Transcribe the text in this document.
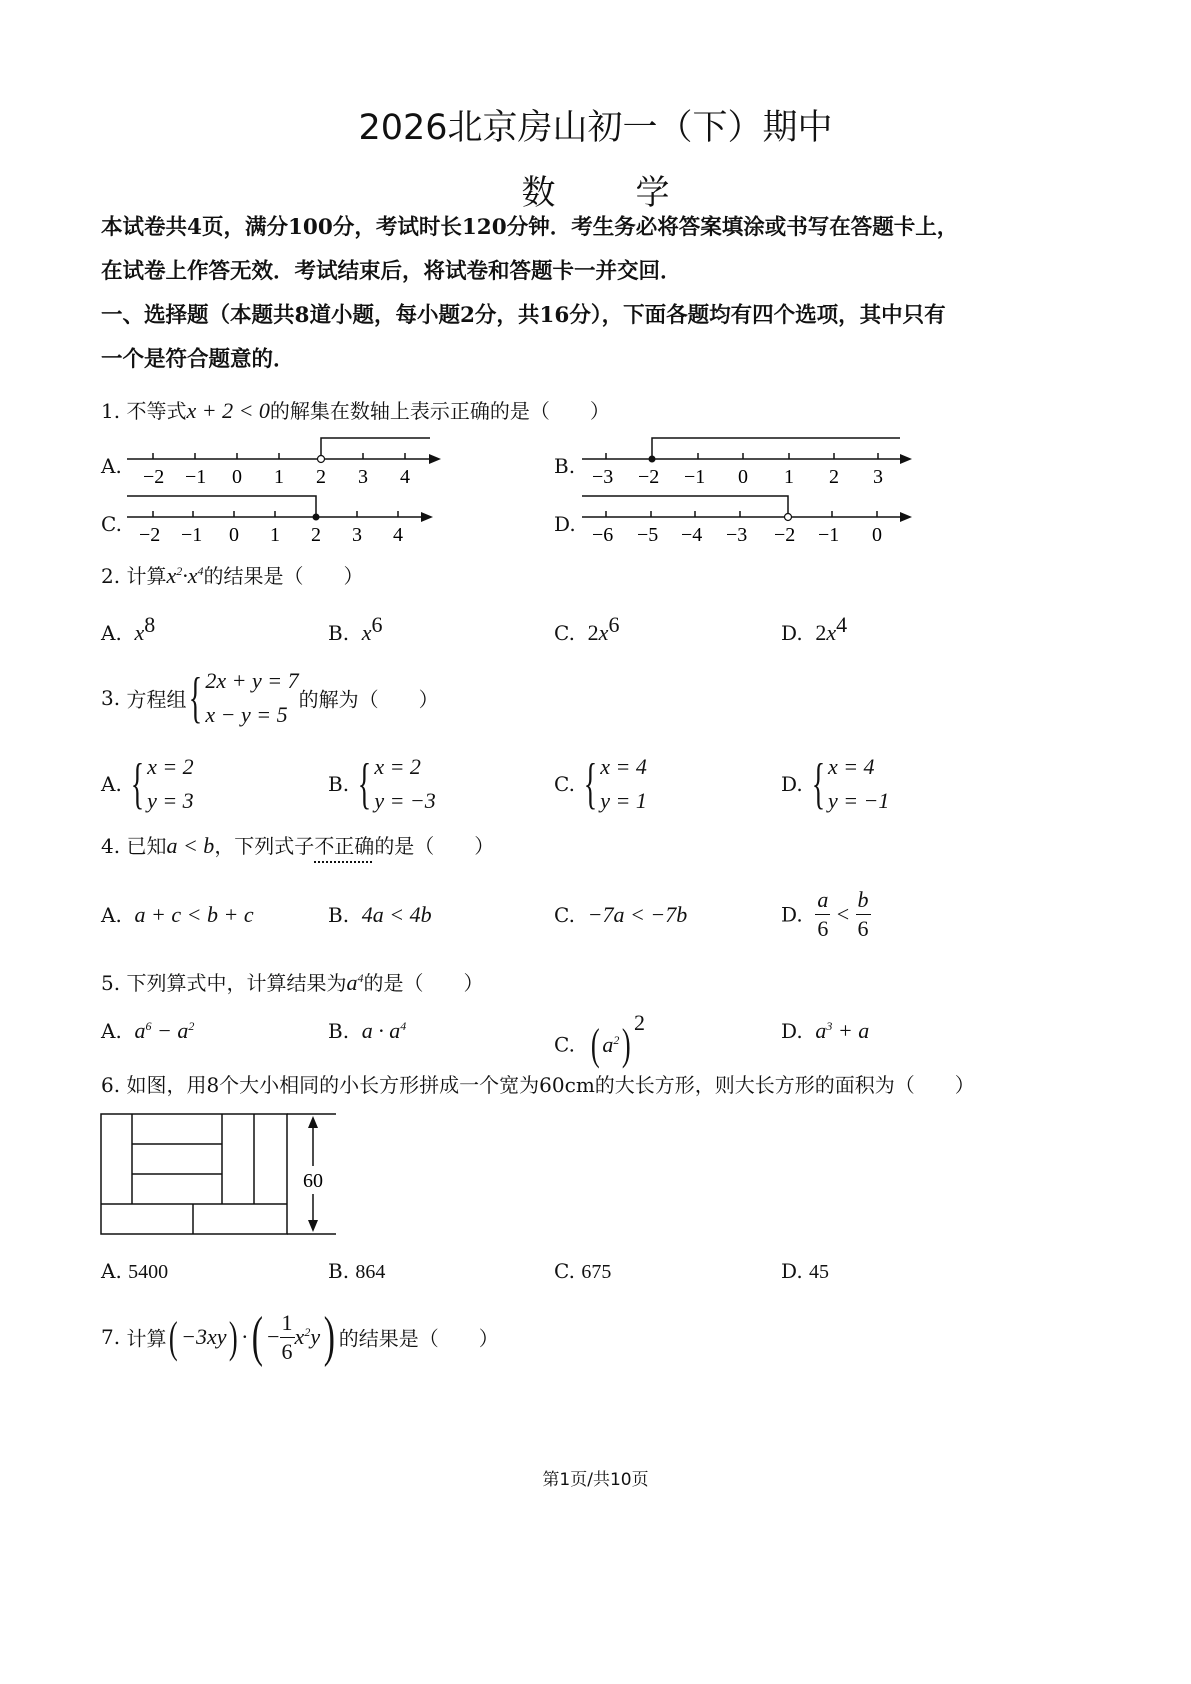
2026北京房山初一（下）期中
数 学
本试卷共4页，满分100分，考试时长120分钟．考生务必将答案填涂或书写在答题卡上，
在试卷上作答无效．考试结束后，将试卷和答题卡一并交回．
一、选择题（本题共8道小题，每小题2分，共16分），下面各题均有四个选项，其中只有
一个是符合题意的．
1. 不等式x + 2 < 0的解集在数轴上表示正确的是（　　）
A.	B.
C.	D.
−2 −1 0 1 2 3 4	−3 −2 −1 0 1 2 3
−2 −1 0 1 2 3 4	−6 −5 −4 −3 −2 −1 0
2. 计算$x^2\cdot x^4$的结果是（　　）
A. $x^8$	B. $x^6$	C. $2x^6$	D. $2x^4$
3. 方程组 { 2x + y = 7
x − y = 5
的解为（　　）
A. { x = 2
y = 3
B. { x = 2
y = −3
C. { x = 4
y = 1
D. { x = 4
y = −1
4. 已知a < b，下列式子不正确的是（　　）
A. a + c < b + c	B. 4a < 4b	C. −7a < −7b	D. $\frac{a}{6} < \frac{b}{6}$
5. 下列算式中，计算结果为$a^4$的是（　　）
A. $a^6 - a^2$	B. $a \cdot a^4$
C. ( $a^2$) $^2$	D. $a^3 + a$
6. 如图，用8个大小相同的小长方形拼成一个宽为60cm的大长方形，则大长方形的面积为（　　）
60
A. 5400	B. 864	C. 675	D. 45
7. 计算( −3xy) ·( − $\frac{1}{6} x^2y$) 的结果是（　　）
第1页/共10页
